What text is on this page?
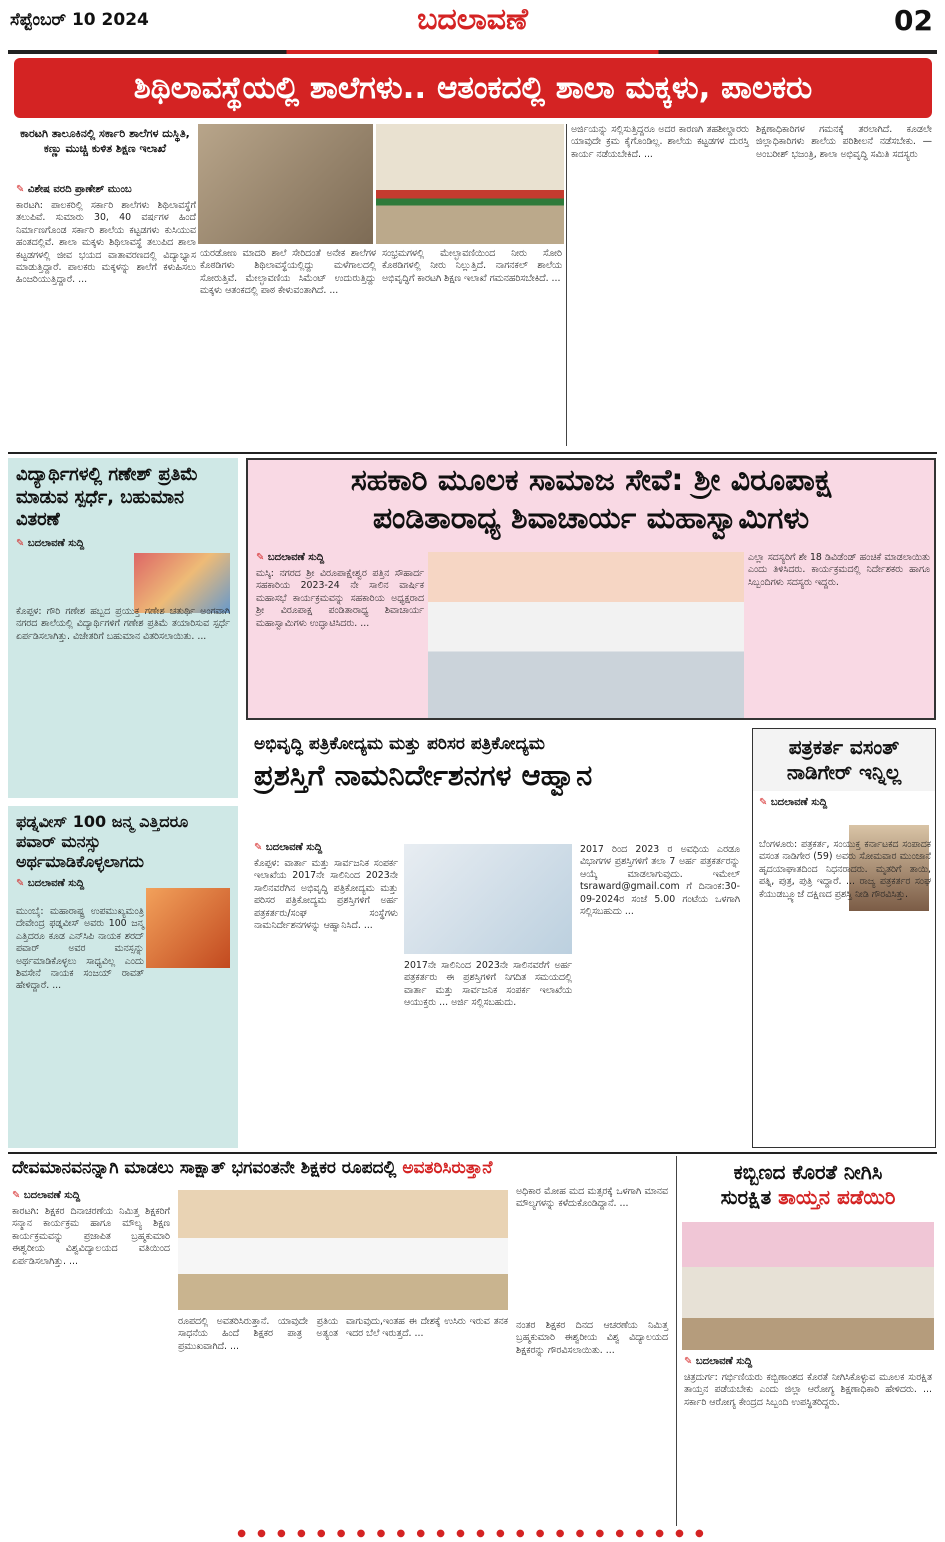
ಸೆಪ್ಟೆಂಬರ್ 10 2024	ಬದಲಾವಣೆ	02
ಶಿಥಿಲಾವಸ್ಥೆಯಲ್ಲಿ ಶಾಲೆಗಳು.. ಆತಂಕದಲ್ಲಿ ಶಾಲಾ ಮಕ್ಕಳು, ಪಾಲಕರು
ಕಾರಟಗಿ ತಾಲೂಕಿನಲ್ಲಿ ಸರ್ಕಾರಿ ಶಾಲೆಗಳ ದುಸ್ಥಿತಿ, ಕಣ್ಣು ಮುಚ್ಚಿ ಕುಳಿತ ಶಿಕ್ಷಣ ಇಲಾಖೆ
✎ ವಿಶೇಷ ವರದಿ ಪ್ರಾಣೇಶ್ ಮುಂಬ
ಕಾರಟಗಿ: ಪಾಲಕರಿಲ್ಲಿ ಸರ್ಕಾರಿ ಶಾಲೆಗಳು ಶಿಥಿಲಾವಸ್ಥೆಗೆ ತಲುಪಿವೆ. ಸುಮಾರು 30, 40 ವರ್ಷಗಳ ಹಿಂದೆ ನಿರ್ಮಾಣಗೊಂಡ ಸರ್ಕಾರಿ ಶಾಲೆಯ ಕಟ್ಟಡಗಳು ಕುಸಿಯುವ ಹಂತದಲ್ಲಿವೆ. ಶಾಲಾ ಮಕ್ಕಳು ಶಿಥಿಲಾವಸ್ಥೆ ತಲುಪಿದ ಶಾಲಾ ಕಟ್ಟಡಗಳಲ್ಲಿ ಜೀವ ಭಯದ ವಾತಾವರಣದಲ್ಲಿ ವಿದ್ಯಾಭ್ಯಾಸ ಮಾಡುತ್ತಿದ್ದಾರೆ. ಪಾಲಕರು ಮಕ್ಕಳನ್ನು ಶಾಲೆಗೆ ಕಳುಹಿಸಲು ಹಿಂಜರಿಯುತ್ತಿದ್ದಾರೆ. ...
ಯರಡೋಣ ಮಾದರಿ ಶಾಲೆ ಸೇರಿದಂತೆ ಅನೇಕ ಶಾಲೆಗಳ ಕೊಠಡಿಗಳು ಶಿಥಿಲಾವಸ್ಥೆಯಲ್ಲಿದ್ದು ಮಳೆಗಾಲದಲ್ಲಿ ಸೋರುತ್ತಿವೆ. ಮೇಲ್ಛಾವಣಿಯ ಸಿಮೆಂಟ್ ಉದುರುತ್ತಿದ್ದು ಮಕ್ಕಳು ಆತಂಕದಲ್ಲಿ ಪಾಠ ಕೇಳುವಂತಾಗಿದೆ. ...
ಸಂಭ್ರಮಗಳಲ್ಲಿ ಮೇಲ್ಛಾವಣಿಯಿಂದ ನೀರು ಸೋರಿ ಕೊಠಡಿಗಳಲ್ಲಿ ನೀರು ನಿಲ್ಲುತ್ತಿದೆ. ನಾಗನಕಲ್ ಶಾಲೆಯ ಅಭಿವೃದ್ಧಿಗೆ ಕಾರಟಗಿ ಶಿಕ್ಷಣ ಇಲಾಖೆ ಗಮನಹರಿಸಬೇಕಿದೆ. ...
ಅರ್ಜಿಯನ್ನು ಸಲ್ಲಿಸುತ್ತಿದ್ದರೂ ಅದರ ಕಾರಣಗಿ ತಹಶೀಲ್ದಾರರು ಯಾವುದೇ ಕ್ರಮ ಕೈಗೊಂಡಿಲ್ಲ. ಶಾಲೆಯ ಕಟ್ಟಡಗಳ ದುರಸ್ತಿ ಕಾರ್ಯ ನಡೆಯಬೇಕಿದೆ. ...
ಶಿಕ್ಷಣಾಧಿಕಾರಿಗಳ ಗಮನಕ್ಕೆ ತರಲಾಗಿದೆ. ಕೂಡಲೇ ಜಿಲ್ಲಾಧಿಕಾರಿಗಳು ಶಾಲೆಯ ಪರಿಶೀಲನೆ ನಡೆಸಬೇಕು. — ಅಂಬರೀಶ್ ಭಜಂತ್ರಿ, ಶಾಲಾ ಅಭಿವೃದ್ಧಿ ಸಮಿತಿ ಸದಸ್ಯರು
ವಿದ್ಯಾರ್ಥಿಗಳಲ್ಲಿ ಗಣೇಶ್ ಪ್ರತಿಮೆ ಮಾಡುವ ಸ್ಪರ್ಧೆ, ಬಹುಮಾನ ವಿತರಣೆ
✎ ಬದಲಾವಣೆ ಸುದ್ದಿ
ಕೊಪ್ಪಳ: ಗೌರಿ ಗಣೇಶ ಹಬ್ಬದ ಪ್ರಯುಕ್ತ ಗಣೇಶ ಚತುರ್ಥಿ ಅಂಗವಾಗಿ ನಗರದ ಶಾಲೆಯಲ್ಲಿ ವಿದ್ಯಾರ್ಥಿಗಳಿಗೆ ಗಣೇಶ ಪ್ರತಿಮೆ ತಯಾರಿಸುವ ಸ್ಪರ್ಧೆ ಏರ್ಪಡಿಸಲಾಗಿತ್ತು. ವಿಜೇತರಿಗೆ ಬಹುಮಾನ ವಿತರಿಸಲಾಯಿತು. ...
ಫಡ್ನವೀಸ್ 100 ಜನ್ಮ ಎತ್ತಿದರೂ ಪವಾರ್ ಮನಸ್ಸು ಅರ್ಥಮಾಡಿಕೊಳ್ಳಲಾಗದು
✎ ಬದಲಾವಣೆ ಸುದ್ದಿ
ಮುಂಬೈ: ಮಹಾರಾಷ್ಟ್ರ ಉಪಮುಖ್ಯಮಂತ್ರಿ ದೇವೇಂದ್ರ ಫಡ್ನವೀಸ್ ಅವರು 100 ಜನ್ಮ ಎತ್ತಿದರೂ ಕೂಡ ಎನ್‌ಸಿಪಿ ನಾಯಕ ಶರದ್ ಪವಾರ್ ಅವರ ಮನಸ್ಸನ್ನು ಅರ್ಥಮಾಡಿಕೊಳ್ಳಲು ಸಾಧ್ಯವಿಲ್ಲ ಎಂದು ಶಿವಸೇನೆ ನಾಯಕ ಸಂಜಯ್ ರಾವತ್ ಹೇಳಿದ್ದಾರೆ. ...
ಸಹಕಾರಿ ಮೂಲಕ ಸಾಮಾಜ ಸೇವೆ: ಶ್ರೀ ವಿರೂಪಾಕ್ಷ
ಪಂಡಿತಾರಾಧ್ಯ ಶಿವಾಚಾರ್ಯ ಮಹಾಸ್ವಾಮಿಗಳು
✎ ಬದಲಾವಣೆ ಸುದ್ದಿ
ಮಸ್ಕಿ: ನಗರದ ಶ್ರೀ ವಿರೂಪಾಕ್ಷೇಶ್ವರ ಪತ್ತಿನ ಸೌಹಾರ್ದ ಸಹಕಾರಿಯ 2023-24 ನೇ ಸಾಲಿನ ವಾರ್ಷಿಕ ಮಹಾಸಭೆ ಕಾರ್ಯಕ್ರಮವನ್ನು ಸಹಕಾರಿಯ ಅಧ್ಯಕ್ಷರಾದ ಶ್ರೀ ವಿರೂಪಾಕ್ಷ ಪಂಡಿತಾರಾಧ್ಯ ಶಿವಾಚಾರ್ಯ ಮಹಾಸ್ವಾಮಿಗಳು ಉದ್ಘಾಟಿಸಿದರು. ...
ಎಲ್ಲಾ ಸದಸ್ಯರಿಗೆ ಶೇ 18 ಡಿವಿಡೆಂಡ್ ಹಂಚಿಕೆ ಮಾಡಲಾಯಿತು ಎಂದು ತಿಳಿಸಿದರು. ಕಾರ್ಯಕ್ರಮದಲ್ಲಿ ನಿರ್ದೇಶಕರು ಹಾಗೂ ಸಿಬ್ಬಂದಿಗಳು ಸದಸ್ಯರು ಇದ್ದರು.
ಅಭಿವೃದ್ಧಿ ಪತ್ರಿಕೋದ್ಯಮ ಮತ್ತು ಪರಿಸರ ಪತ್ರಿಕೋದ್ಯಮ
ಪ್ರಶಸ್ತಿಗೆ ನಾಮನಿರ್ದೇಶನಗಳ ಆಹ್ವಾನ
✎ ಬದಲಾವಣೆ ಸುದ್ದಿ
ಕೊಪ್ಪಳ: ವಾರ್ತಾ ಮತ್ತು ಸಾರ್ವಜನಿಕ ಸಂಪರ್ಕ ಇಲಾಖೆಯ 2017ನೇ ಸಾಲಿನಿಂದ 2023ನೇ ಸಾಲಿನವರೆಗಿನ ಅಭಿವೃದ್ಧಿ ಪತ್ರಿಕೋದ್ಯಮ ಮತ್ತು ಪರಿಸರ ಪತ್ರಿಕೋದ್ಯಮ ಪ್ರಶಸ್ತಿಗಳಿಗೆ ಅರ್ಹ ಪತ್ರಕರ್ತರು/ಸಂಘ ಸಂಸ್ಥೆಗಳು ನಾಮನಿರ್ದೇಶನಗಳನ್ನು ಆಹ್ವಾನಿಸಿದೆ. ...
2017ನೇ ಸಾಲಿನಿಂದ 2023ನೇ ಸಾಲಿನವರೆಗೆ ಅರ್ಹ ಪತ್ರಕರ್ತರು ಈ ಪ್ರಶಸ್ತಿಗಳಿಗೆ ನಿಗದಿತ ಸಮಯದಲ್ಲಿ ವಾರ್ತಾ ಮತ್ತು ಸಾರ್ವಜನಿಕ ಸಂಪರ್ಕ ಇಲಾಖೆಯ ಆಯುಕ್ತರು ... ಅರ್ಜಿ ಸಲ್ಲಿಸಬಹುದು.
2017 ರಿಂದ 2023 ರ ಅವಧಿಯ ಎರಡೂ ವಿಭಾಗಗಳ ಪ್ರಶಸ್ತಿಗಳಿಗೆ ತಲಾ 7 ಅರ್ಹ ಪತ್ರಕರ್ತರನ್ನು ಆಯ್ಕೆ ಮಾಡಲಾಗುವುದು. ಇಮೇಲ್ tsraward@gmail.com ಗೆ ದಿನಾಂಕ:30-09-2024ರ ಸಂಜೆ 5.00 ಗಂಟೆಯ ಒಳಗಾಗಿ ಸಲ್ಲಿಸಬಹುದು ...
ಪತ್ರಕರ್ತ ವಸಂತ್
ನಾಡಿಗೇರ್ ಇನ್ನಿಲ್ಲ
✎ ಬದಲಾವಣೆ ಸುದ್ದಿ
ಬೆಂಗಳೂರು: ಪತ್ರಕರ್ತ, ಸಂಯುಕ್ತ ಕರ್ನಾಟಕದ ಸಂಪಾದಕ ವಸಂತ ನಾಡಿಗೇರ (59) ಅವರು ಸೋಮವಾರ ಮುಂಜಾನೆ ಹೃದಯಾಘಾತದಿಂದ ನಿಧನರಾದರು. ಮೃತರಿಗೆ ತಾಯಿ, ಪತ್ನಿ, ಪುತ್ರ, ಪುತ್ರಿ ಇದ್ದಾರೆ. ... ರಾಜ್ಯ ಪತ್ರಕರ್ತರ ಸಂಘ ಕೆಯುಡಬ್ಲ್ಯೂಜೆ ದಕ್ಷಿಣದ ಪ್ರಶಸ್ತಿ ನೀಡಿ ಗೌರವಿಸಿತ್ತು.
ದೇವಮಾನವನನ್ನಾಗಿ ಮಾಡಲು ಸಾಕ್ಷಾತ್ ಭಗವಂತನೇ ಶಿಕ್ಷಕರ ರೂಪದಲ್ಲಿ ಅವತರಿಸಿರುತ್ತಾನೆ
✎ ಬದಲಾವಣೆ ಸುದ್ದಿ
ಕಾರಟಗಿ: ಶಿಕ್ಷಕರ ದಿನಾಚರಣೆಯ ನಿಮಿತ್ತ ಶಿಕ್ಷಕರಿಗೆ ಸನ್ಮಾನ ಕಾರ್ಯಕ್ರಮ ಹಾಗೂ ಮೌಲ್ಯ ಶಿಕ್ಷಣ ಕಾರ್ಯಕ್ರಮವನ್ನು ಪ್ರಜಾಪಿತ ಬ್ರಹ್ಮಕುಮಾರಿ ಈಶ್ವರೀಯ ವಿಶ್ವವಿದ್ಯಾಲಯದ ವತಿಯಿಂದ ಏರ್ಪಡಿಸಲಾಗಿತ್ತು. ...
ರೂಪದಲ್ಲಿ ಅವತರಿಸಿರುತ್ತಾನೆ. ಯಾವುದೇ ಪ್ರತಿಯ ಸಾಧನೆಯ ಹಿಂದೆ ಶಿಕ್ಷಕರ ಪಾತ್ರ ಅತ್ಯಂತ ಪ್ರಮುಖವಾಗಿದೆ. ...
ವಾಗುವುದು,ಇಂತಹ ಈ ದೇಶಕ್ಕೆ ಉಸಿರು ಇರುವ ತನಕ ಇದರ ಬೆಲೆ ಇರುತ್ತದೆ. ...
ಅಧಿಕಾರ ಮೋಹ ಮದ ಮತ್ಸರಕ್ಕೆ ಒಳಗಾಗಿ ಮಾನವ ಮೌಲ್ಯಗಳನ್ನು ಕಳೆದುಕೊಂಡಿದ್ದಾನೆ. ...
ನಂತರ ಶಿಕ್ಷಕರ ದಿನದ ಆಚರಣೆಯ ನಿಮಿತ್ತ ಬ್ರಹ್ಮಕುಮಾರಿ ಈಶ್ವರೀಯ ವಿಶ್ವ ವಿದ್ಯಾಲಯದ ಶಿಕ್ಷಕರನ್ನು ಗೌರವಿಸಲಾಯಿತು. ...
ಕಬ್ಬಿಣದ ಕೊರತೆ ನೀಗಿಸಿ
ಸುರಕ್ಷಿತ ತಾಯ್ತನ ಪಡೆಯಿರಿ
✎ ಬದಲಾವಣೆ ಸುದ್ದಿ
ಚಿತ್ರದುರ್ಗ: ಗರ್ಭಿಣಿಯರು ಕಬ್ಬಿಣಾಂಶದ ಕೊರತೆ ನೀಗಿಸಿಕೊಳ್ಳುವ ಮೂಲಕ ಸುರಕ್ಷಿತ ತಾಯ್ತನ ಪಡೆಯಬೇಕು ಎಂದು ಜಿಲ್ಲಾ ಆರೋಗ್ಯ ಶಿಕ್ಷಣಾಧಿಕಾರಿ ಹೇಳಿದರು. ... ಸರ್ಕಾರಿ ಆರೋಗ್ಯ ಕೇಂದ್ರದ ಸಿಬ್ಬಂದಿ ಉಪಸ್ಥಿತರಿದ್ದರು.
● ● ● ● ● ● ● ● ● ● ● ● ● ● ● ● ● ● ● ● ● ● ● ●
